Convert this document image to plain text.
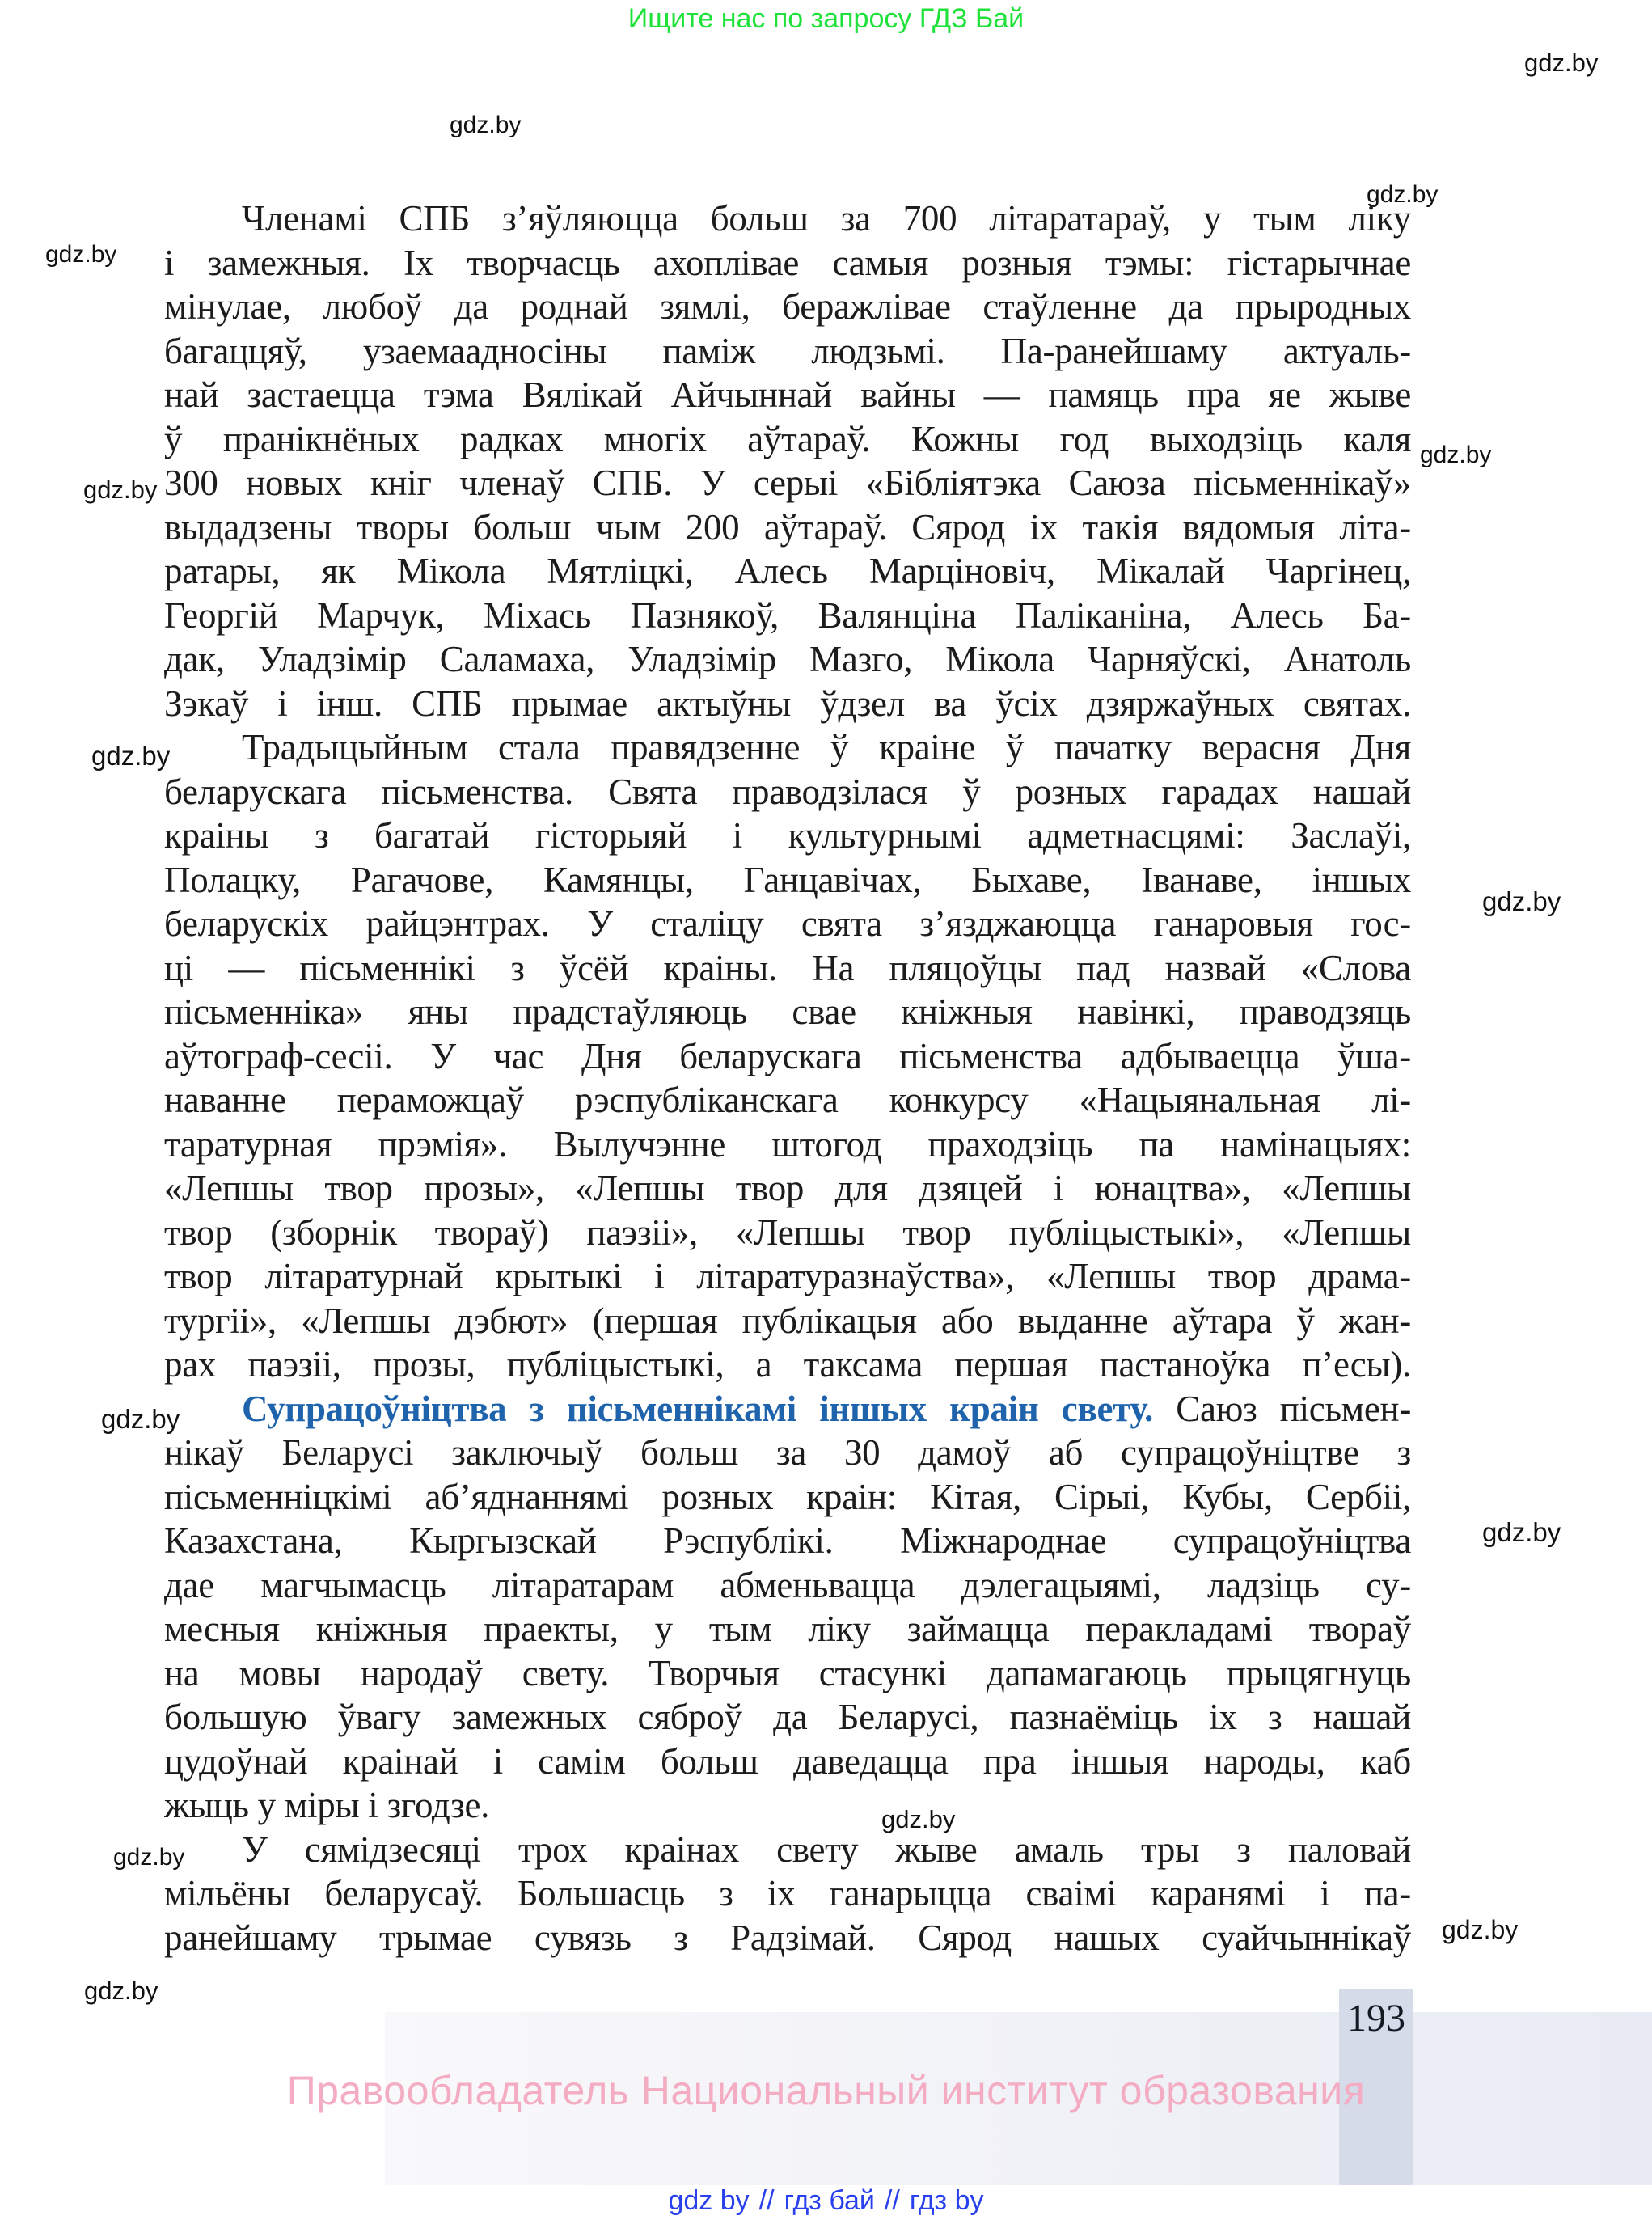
Ищите нас по запросу ГДЗ Бай
gdz.by
gdz.by
gdz.by
gdz.by
gdz.by
gdz.by
gdz.by
gdz.by
gdz.by
gdz.by
gdz.by
gdz.by
gdz.by
gdz.by
193
Членамі СПБ з’яўляюцца больш за 700 літаратараў, у тым ліку
і замежныя. Іх творчасць ахоплівае самыя розныя тэмы: гістарычнае
мінулае, любоў да роднай зямлі, беражлівае стаўленне да прыродных
багаццяў, узаемаадносіны паміж людзьмі. Па-ранейшаму актуаль-
най застаецца тэма Вялікай Айчыннай вайны — памяць пра яе жыве
ў пранікнёных радках многіх аўтараў. Кожны год выходзіць каля
300 новых кніг членаў СПБ. У серыі «Бібліятэка Саюза пісьменнікаў»
выдадзены творы больш чым 200 аўтараў. Сярод іх такія вядомыя літа-
ратары, як Мікола Мятліцкі, Алесь Марціновіч, Мікалай Чаргінец,
Георгій Марчук, Міхась Пазнякоў, Валянціна Паліканіна, Алесь Ба-
дак, Уладзімір Саламаха, Уладзімір Мазго, Мікола Чарняўскі, Анатоль
Зэкаў і інш. СПБ прымае актыўны ўдзел ва ўсіх дзяржаўных святах.
Традыцыйным стала правядзенне ў краіне ў пачатку верасня Дня
беларускага пісьменства. Свята праводзілася ў розных гарадах нашай
краіны з багатай гісторыяй і культурнымі адметнасцямі: Заслаўі,
Полацку, Рагачове, Камянцы, Ганцавічах, Быхаве, Іванаве, іншых
беларускіх райцэнтрах. У сталіцу свята з’язджаюцца ганаровыя гос-
ці — пісьменнікі з ўсёй краіны. На пляцоўцы пад назвай «Слова
пісьменніка» яны прадстаўляюць свае кніжныя навінкі, праводзяць
аўтограф-сесіі. У час Дня беларускага пісьменства адбываецца ўша-
наванне пераможцаў рэспубліканскага конкурсу «Нацыянальная лі-
таратурная прэмія». Вылучэнне штогод праходзіць па намінацыях:
«Лепшы твор прозы», «Лепшы твор для дзяцей і юнацтва», «Лепшы
твор (зборнік твораў) паэзіі», «Лепшы твор публіцыстыкі», «Лепшы
твор літаратурнай крытыкі і літаратуразнаўства», «Лепшы твор драма-
тургіі», «Лепшы дэбют» (першая публікацыя або выданне аўтара ў жан-
рах паэзіі, прозы, публіцыстыкі, а таксама першая пастаноўка п’есы).
Супрацоўніцтва з пісьменнікамі іншых краін свету. Саюз пісьмен-
нікаў Беларусі заключыў больш за 30 дамоў аб супрацоўніцтве з
пісьменніцкімі аб’яднаннямі розных краін: Кітая, Сірыі, Кубы, Сербіі,
Казахстана, Кыргызскай Рэспублікі. Міжнароднае супрацоўніцтва
дае магчымасць літаратарам абменьвацца дэлегацыямі, ладзіць су-
месныя кніжныя праекты, у тым ліку займацца перакладамі твораў
на мовы народаў свету. Творчыя стасункі дапамагаюць прыцягнуць
большую ўвагу замежных сяброў да Беларусі, пазнаёміць іх з нашай
цудоўнай краінай і самім больш даведацца пра іншыя народы, каб
жыць у міры і згодзе.
У сямідзесяці трох краінах свету жыве амаль тры з паловай
мільёны беларусаў. Большасць з іх ганарыцца сваімі каранямі і па-
ранейшаму трымае сувязь з Радзімай. Сярод нашых суайчыннікаў
Правообладатель Национальный институт образования
gdz by // гдз бай // гдз by
